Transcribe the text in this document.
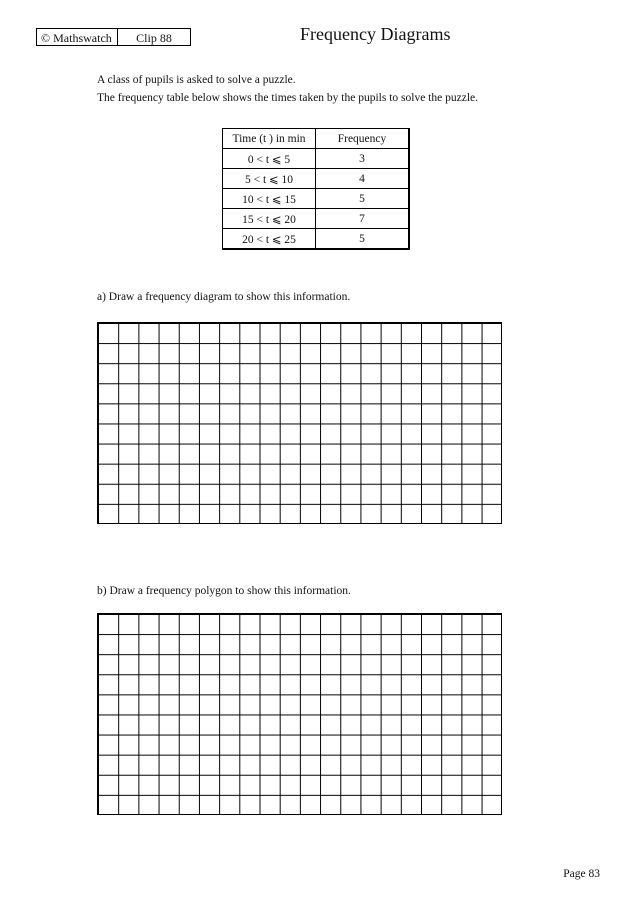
© Mathswatch	Clip 88	Frequency Diagrams
A class of pupils is asked to solve a puzzle.
The frequency table below shows the times taken by the pupils to solve the puzzle.
Time (t ) in min	Frequency
0 < t ⩽ 5	3
5 < t ⩽ 10	4
10 < t ⩽ 15	5
15 < t ⩽ 20	7
20 < t ⩽ 25	5
a) Draw a frequency diagram to show this information.
b) Draw a frequency polygon to show this information.
Page 83
